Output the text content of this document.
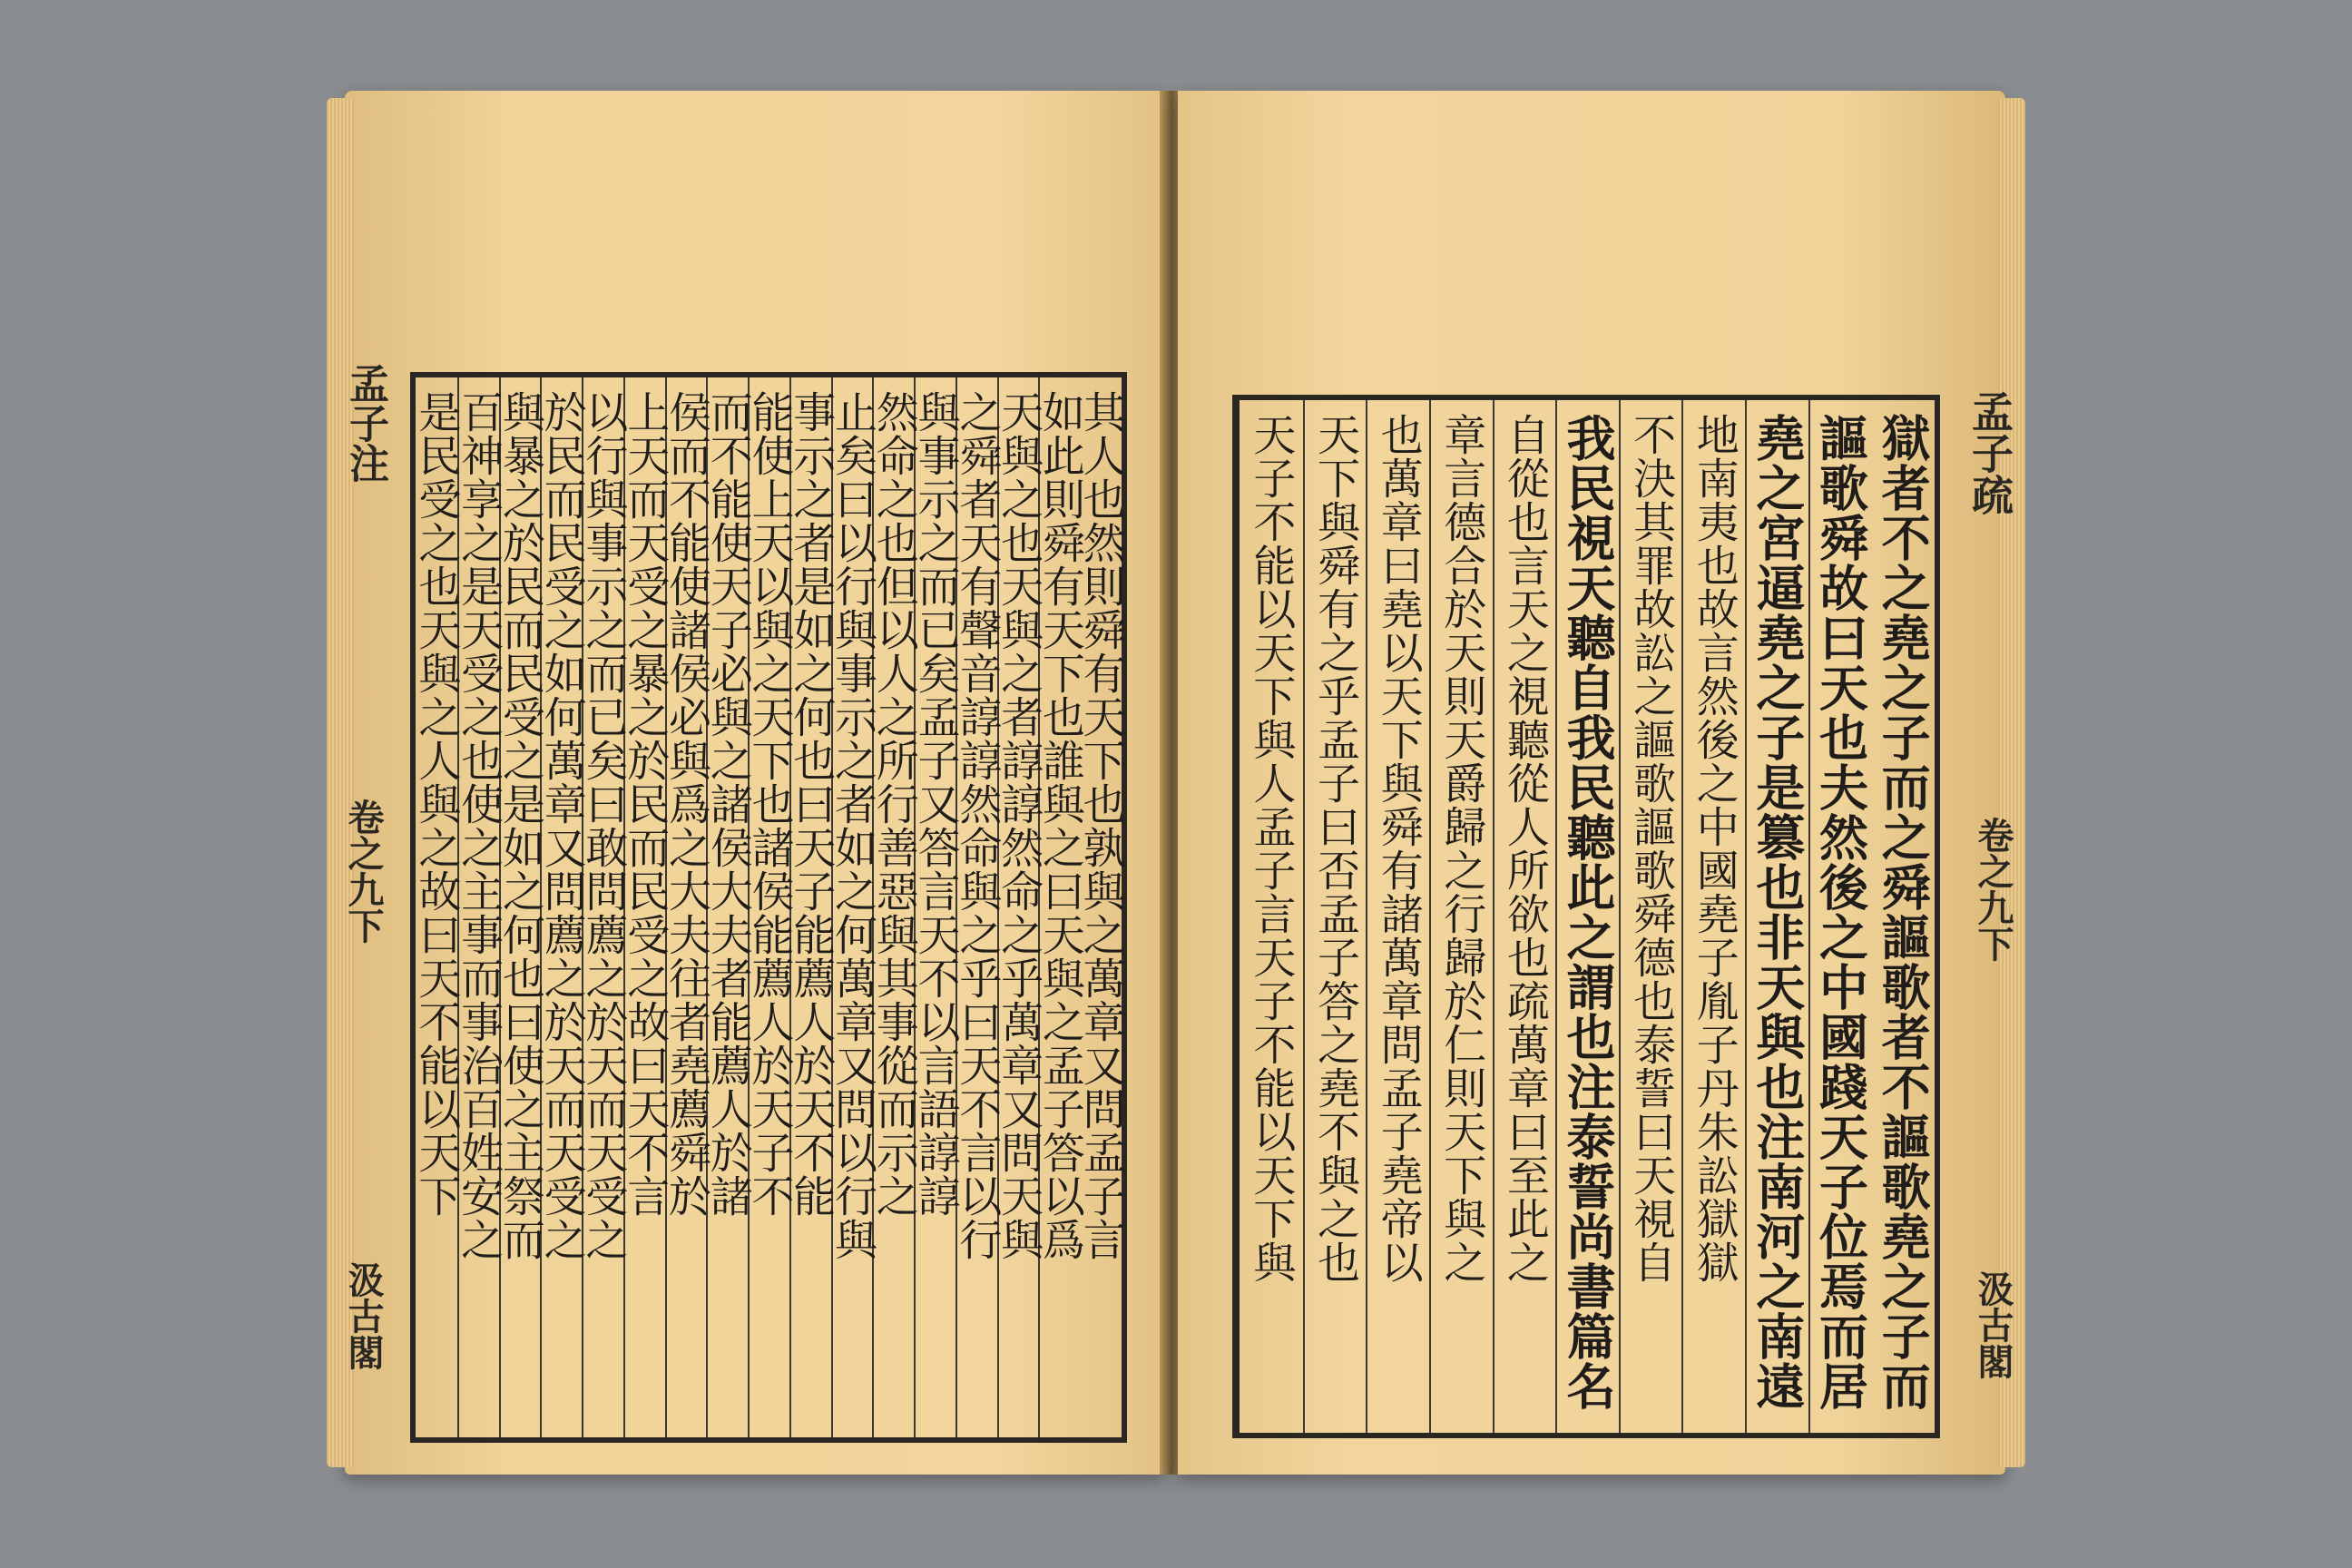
孟子注
卷之九下
汲古閣
其人也然則舜有天下也孰與之萬章又問孟子言
如此則舜有天下也誰與之曰天與之孟子答以爲
天與之也天與之者諄諄然命之乎萬章又問天與
之舜者天有聲音諄諄然命與之乎曰天不言以行
與事示之而已矣孟子又答言天不以言語諄諄
然命之也但以人之所行善惡與其事從而示之
止矣曰以行與事示之者如之何萬章又問以行與
事示之者是如之何也曰天子能薦人於天不能
能使上天以與之天下也諸侯能薦人於天子不
而不能使天子必與之諸侯大夫者能薦人於諸
侯而不能使諸侯必與爲之大夫往者堯薦舜於
上天而天受之暴之於民而民受之故曰天不言
以行與事示之而已矣曰敢問薦之於天而天受之
於民而民受之如何萬章又問薦之於天而天受之
與暴之於民而民受之是如之何也曰使之主祭而
百神享之是天受之也使之主事而事治百姓安之
是民受之也天與之人與之故曰天不能以天下	孟子疏
卷之九下
汲古閣
獄者不之堯之子而之舜謳歌者不謳歌堯之子而
謳歌舜故曰天也夫然後之中國踐天子位焉而居
堯之宮逼堯之子是篡也非天與也注南河之南遠
地南夷也故言然後之中國堯子胤子丹朱訟獄獄
不決其罪故訟之謳歌謳歌舜德也泰誓曰天視自
我民視天聽自我民聽此之謂也注泰誓尚書篇名
自從也言天之視聽從人所欲也疏萬章曰至此之
章言德合於天則天爵歸之行歸於仁則天下與之
也萬章曰堯以天下與舜有諸萬章問孟子堯帝以
天下與舜有之乎孟子曰否孟子答之堯不與之也
天子不能以天下與人孟子言天子不能以天下與
